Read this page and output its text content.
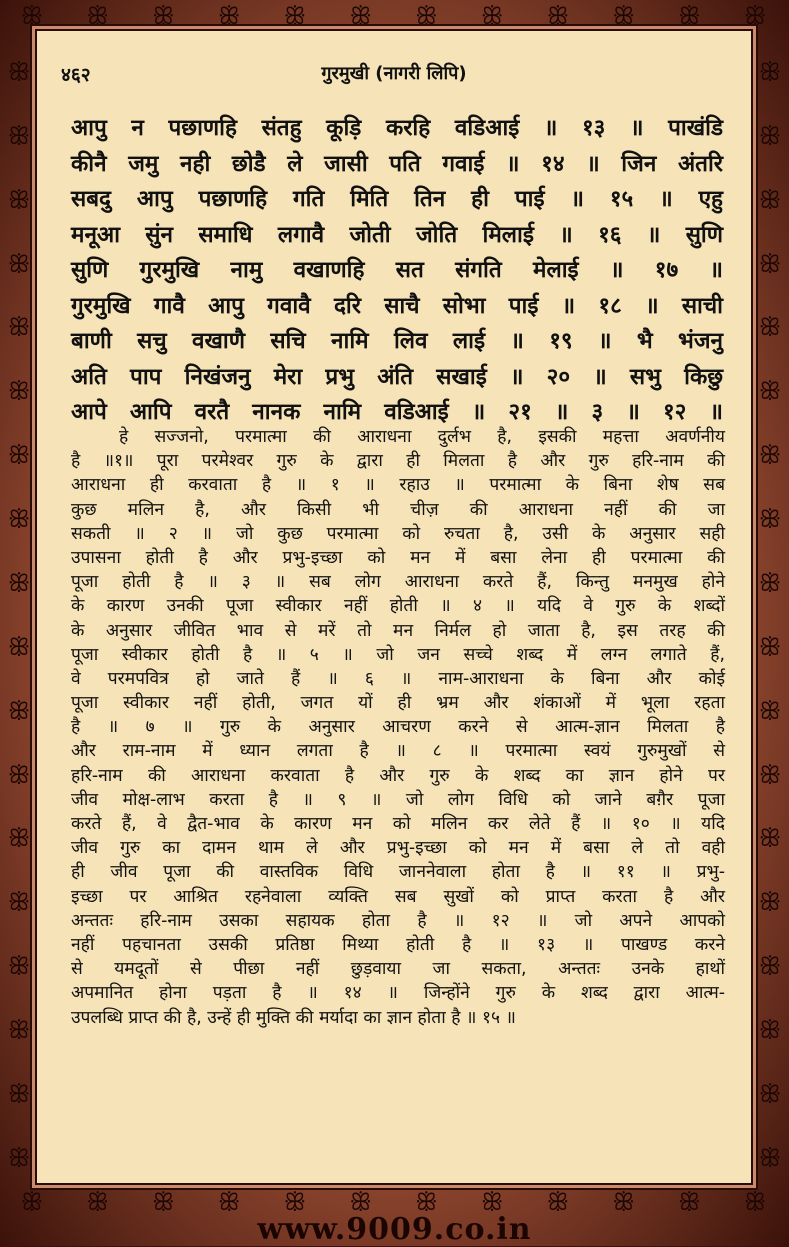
ꕥ ꕥ ꕥ ꕥ ꕥ ꕥ ꕥ ꕥ ꕥ ꕥ ꕥ ꕥ
ꕥ
ꕥ
ꕥ
ꕥ
ꕥ
ꕥ
ꕥ
ꕥ
ꕥ
ꕥ
ꕥ
ꕥ
ꕥ
ꕥ
ꕥ
ꕥ
ꕥ
ꕥ
ꕥ
ꕥ
ꕥ
ꕥ
ꕥ
ꕥ
ꕥ
ꕥ
ꕥ
ꕥ
ꕥ
ꕥ
ꕥ
ꕥ
ꕥ
ꕥ
ꕥ
ꕥ
ꕥ ꕥ ꕥ ꕥ ꕥ ꕥ ꕥ ꕥ ꕥ ꕥ ꕥ ꕥ
४६२	गुरमुखी (नागरी लिपि)
आपु न पछाणहि संतहु कूड़ि करहि वडिआई ॥ १३ ॥ पाखंडि
कीनै जमु नही छोडै ले जासी पति गवाई ॥ १४ ॥ जिन अंतरि
सबदु आपु पछाणहि गति मिति तिन ही पाई ॥ १५ ॥ एहु
मनूआ सुंन समाधि लगावै जोती जोति मिलाई ॥ १६ ॥ सुणि
सुणि गुरमुखि नामु वखाणहि सत संगति मेलाई ॥ १७ ॥
गुरमुखि गावै आपु गवावै दरि साचै सोभा पाई ॥ १८ ॥ साची
बाणी सचु वखाणै सचि नामि लिव लाई ॥ १९ ॥ भै भंजनु
अति पाप निखंजनु मेरा प्रभु अंति सखाई ॥ २० ॥ सभु किछु
आपे आपि वरतै नानक नामि वडिआई ॥ २१ ॥ ३ ॥ १२ ॥
हे सज्जनो, परमात्मा की आराधना दुर्लभ है, इसकी महत्ता अवर्णनीय
है ॥१॥ पूरा परमेश्वर गुरु के द्वारा ही मिलता है और गुरु हरि-नाम की
आराधना ही करवाता है ॥ १ ॥ रहाउ ॥ परमात्मा के बिना शेष सब
कुछ मलिन है, और किसी भी चीज़ की आराधना नहीं की जा
सकती ॥ २ ॥ जो कुछ परमात्मा को रुचता है, उसी के अनुसार सही
उपासना होती है और प्रभु-इच्छा को मन में बसा लेना ही परमात्मा की
पूजा होती है ॥ ३ ॥ सब लोग आराधना करते हैं, किन्तु मनमुख होने
के कारण उनकी पूजा स्वीकार नहीं होती ॥ ४ ॥ यदि वे गुरु के शब्दों
के अनुसार जीवित भाव से मरें तो मन निर्मल हो जाता है, इस तरह की
पूजा स्वीकार होती है ॥ ५ ॥ जो जन सच्चे शब्द में लग्न लगाते हैं,
वे परमपवित्र हो जाते हैं ॥ ६ ॥ नाम-आराधना के बिना और कोई
पूजा स्वीकार नहीं होती, जगत यों ही भ्रम और शंकाओं में भूला रहता
है ॥ ७ ॥ गुरु के अनुसार आचरण करने से आत्म-ज्ञान मिलता है
और राम-नाम में ध्यान लगता है ॥ ८ ॥ परमात्मा स्वयं गुरुमुखों से
हरि-नाम की आराधना करवाता है और गुरु के शब्द का ज्ञान होने पर
जीव मोक्ष-लाभ करता है ॥ ९ ॥ जो लोग विधि को जाने बग़ैर पूजा
करते हैं, वे द्वैत-भाव के कारण मन को मलिन कर लेते हैं ॥ १० ॥ यदि
जीव गुरु का दामन थाम ले और प्रभु-इच्छा को मन में बसा ले तो वही
ही जीव पूजा की वास्तविक विधि जाननेवाला होता है ॥ ११ ॥ प्रभु-
इच्छा पर आश्रित रहनेवाला व्यक्ति सब सुखों को प्राप्त करता है और
अन्ततः हरि-नाम उसका सहायक होता है ॥ १२ ॥ जो अपने आपको
नहीं पहचानता उसकी प्रतिष्ठा मिथ्या होती है ॥ १३ ॥ पाखण्ड करने
से यमदूतों से पीछा नहीं छुड़वाया जा सकता, अन्ततः उनके हाथों
अपमानित होना पड़ता है ॥ १४ ॥ जिन्होंने गुरु के शब्द द्वारा आत्म-
उपलब्धि प्राप्त की है, उन्हें ही मुक्ति की मर्यादा का ज्ञान होता है ॥ १५ ॥
www.9009.co.in
